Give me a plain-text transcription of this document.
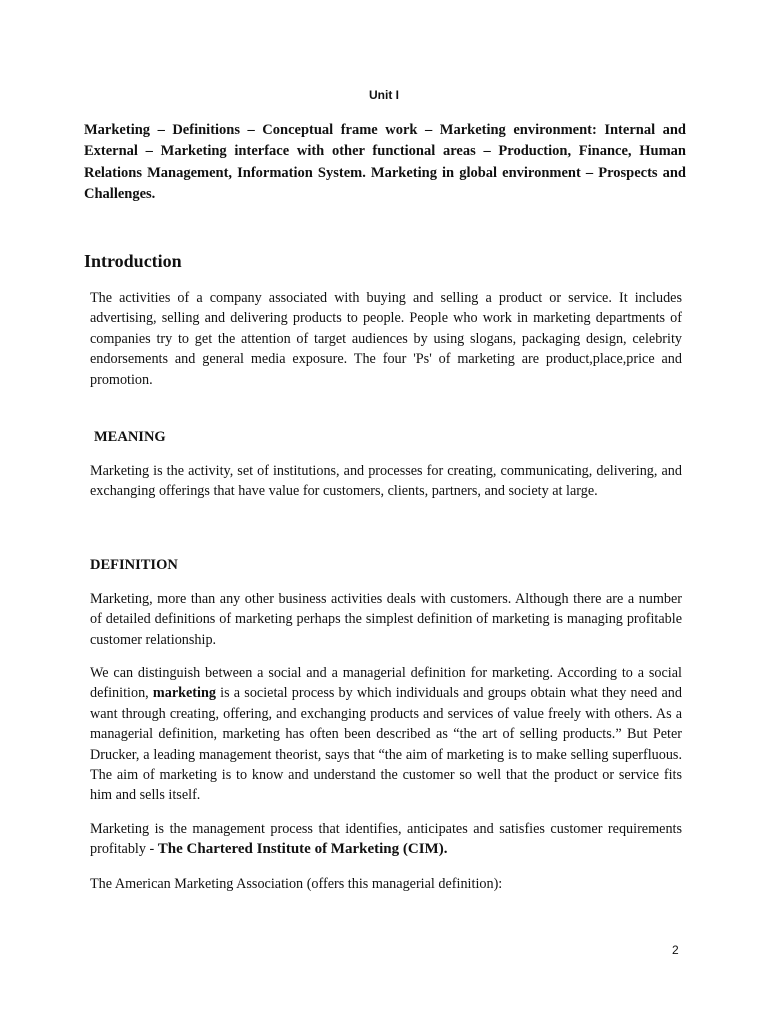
Unit I

Marketing – Definitions – Conceptual frame work – Marketing environment: Internal and External – Marketing interface with other functional areas – Production, Finance, Human Relations Management, Information System. Marketing in global environment – Prospects and Challenges.

Introduction

The activities of a company associated with buying and selling a product or service. It includes advertising, selling and delivering products to people. People who work in marketing departments of companies try to get the attention of target audiences by using slogans, packaging design, celebrity endorsements and general media exposure. The four 'Ps' of marketing are product,place,price and promotion.

MEANING

Marketing is the activity, set of institutions, and processes for creating, communicating, delivering, and exchanging offerings that have value for customers, clients, partners, and society at large.

DEFINITION

Marketing, more than any other business activities deals with customers. Although there are a number of detailed definitions of marketing perhaps the simplest definition of marketing is managing profitable customer relationship.

We can distinguish between a social and a managerial definition for marketing. According to a social definition, marketing is a societal process by which individuals and groups obtain what they need and want through creating, offering, and exchanging products and services of value freely with others. As a managerial definition, marketing has often been described as “the art of selling products.” But Peter Drucker, a leading management theorist, says that “the aim of marketing is to make selling superfluous. The aim of marketing is to know and understand the customer so well that the product or service fits him and sells itself.

Marketing is the management process that identifies, anticipates and satisfies customer requirements profitably - The Chartered Institute of Marketing (CIM).

The American Marketing Association (offers this managerial definition):

2
